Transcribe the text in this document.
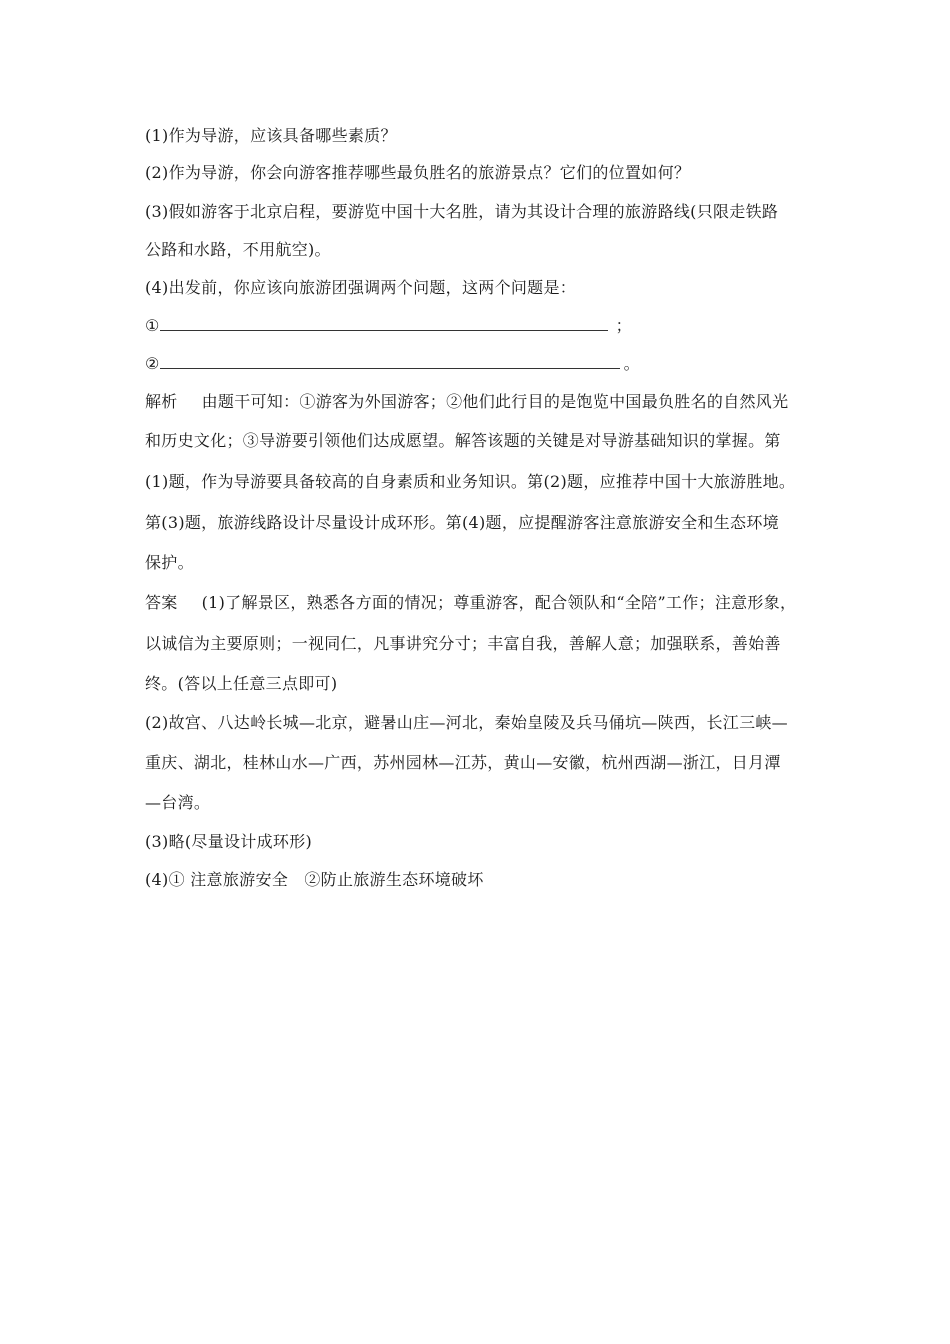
(1)作为导游，应该具备哪些素质？
(2)作为导游，你会向游客推荐哪些最负胜名的旅游景点？它们的位置如何？
(3)假如游客于北京启程，要游览中国十大名胜，请为其设计合理的旅游路线(只限走铁路
公路和水路，不用航空)。
(4)出发前，你应该向旅游团强调两个问题，这两个问题是：
①	；
②	。
解析 由题干可知：①游客为外国游客；②他们此行目的是饱览中国最负胜名的自然风光
和历史文化；③导游要引领他们达成愿望。解答该题的关键是对导游基础知识的掌握。第
(1)题，作为导游要具备较高的自身素质和业务知识。第(2)题，应推荐中国十大旅游胜地。
第(3)题，旅游线路设计尽量设计成环形。第(4)题，应提醒游客注意旅游安全和生态环境
保护。
答案 (1)了解景区，熟悉各方面的情况；尊重游客，配合领队和“全陪”工作；注意形象，
以诚信为主要原则；一视同仁，凡事讲究分寸；丰富自我，善解人意；加强联系，善始善
终。(答以上任意三点即可)
(2)故宫、八达岭长城—北京，避暑山庄—河北，秦始皇陵及兵马俑坑—陕西，长江三峡—
重庆、湖北，桂林山水—广西，苏州园林—江苏，黄山—安徽，杭州西湖—浙江，日月潭
—台湾。
(3)略(尽量设计成环形)
(4)① 注意旅游安全　②防止旅游生态环境破坏
